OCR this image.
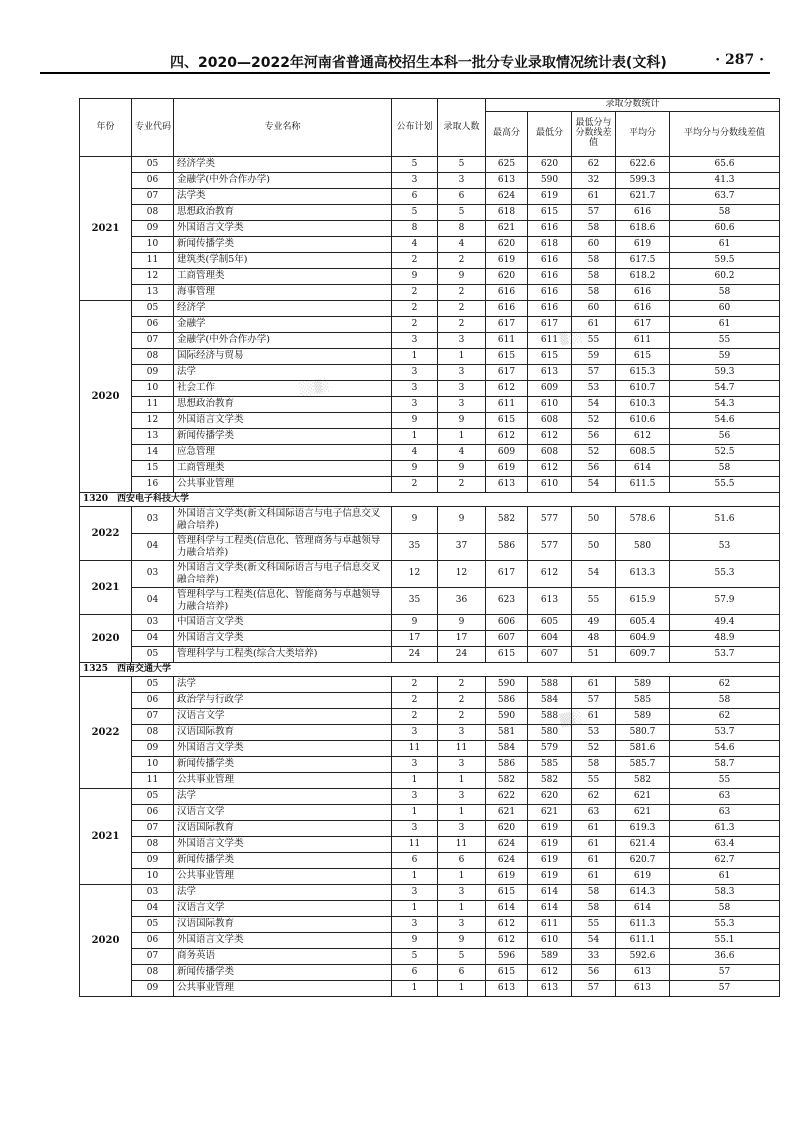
四、2020—2022年河南省普通高校招生本科一批分专业录取情况统计表(文科)	· 287 ·
年份	专业代码	专业名称	公布计划	录取人数	录取分数统计				
					最高分	最低分	最低分与分数线差值	平均分	平均分与分数线差值
2021	05	经济学类	5	5	625	620	62	622.6	65.6
	06	金融学(中外合作办学)	3	3	613	590	32	599.3	41.3
	07	法学类	6	6	624	619	61	621.7	63.7
	08	思想政治教育	5	5	618	615	57	616	58
	09	外国语言文学类	8	8	621	616	58	618.6	60.6
	10	新闻传播学类	4	4	620	618	60	619	61
	11	建筑类(学制5年)	2	2	619	616	58	617.5	59.5
	12	工商管理类	9	9	620	616	58	618.2	60.2
	13	海事管理	2	2	616	616	58	616	58
2020	05	经济学	2	2	616	616	60	616	60
	06	金融学	2	2	617	617	61	617	61
	07	金融学(中外合作办学)	3	3	611	611	55	611	55
	08	国际经济与贸易	1	1	615	615	59	615	59
	09	法学	3	3	617	613	57	615.3	59.3
	10	社会工作	3	3	612	609	53	610.7	54.7
	11	思想政治教育	3	3	611	610	54	610.3	54.3
	12	外国语言文学类	9	9	615	608	52	610.6	54.6
	13	新闻传播学类	1	1	612	612	56	612	56
	14	应急管理	4	4	609	608	52	608.5	52.5
	15	工商管理类	9	9	619	612	56	614	58
	16	公共事业管理	2	2	613	610	54	611.5	55.5
1320　西安电子科技大学									
2022	03	外国语言文学类(新文科国际语言与电子信息交叉融合培养)	9	9	582	577	50	578.6	51.6
	04	管理科学与工程类(信息化、管理商务与卓越领导力融合培养)	35	37	586	577	50	580	53
2021	03	外国语言文学类(新文科国际语言与电子信息交叉融合培养)	12	12	617	612	54	613.3	55.3
	04	管理科学与工程类(信息化、智能商务与卓越领导力融合培养)	35	36	623	613	55	615.9	57.9
2020	03	中国语言文学类	9	9	606	605	49	605.4	49.4
	04	外国语言文学类	17	17	607	604	48	604.9	48.9
	05	管理科学与工程类(综合大类培养)	24	24	615	607	51	609.7	53.7
1325　西南交通大学									
2022	05	法学	2	2	590	588	61	589	62
	06	政治学与行政学	2	2	586	584	57	585	58
	07	汉语言文学	2	2	590	588	61	589	62
	08	汉语国际教育	3	3	581	580	53	580.7	53.7
	09	外国语言文学类	11	11	584	579	52	581.6	54.6
	10	新闻传播学类	3	3	586	585	58	585.7	58.7
	11	公共事业管理	1	1	582	582	55	582	55
2021	05	法学	3	3	622	620	62	621	63
	06	汉语言文学	1	1	621	621	63	621	63
	07	汉语国际教育	3	3	620	619	61	619.3	61.3
	08	外国语言文学类	11	11	624	619	61	621.4	63.4
	09	新闻传播学类	6	6	624	619	61	620.7	62.7
	10	公共事业管理	1	1	619	619	61	619	61
2020	03	法学	3	3	615	614	58	614.3	58.3
	04	汉语言文学	1	1	614	614	58	614	58
	05	汉语国际教育	3	3	612	611	55	611.3	55.3
	06	外国语言文学类	9	9	612	610	54	611.1	55.1
	07	商务英语	5	5	596	589	33	592.6	36.6
	08	新闻传播学类	6	6	615	612	56	613	57
	09	公共事业管理	1	1	613	613	57	613	57
░░▒░
▒░░
▒▒░
